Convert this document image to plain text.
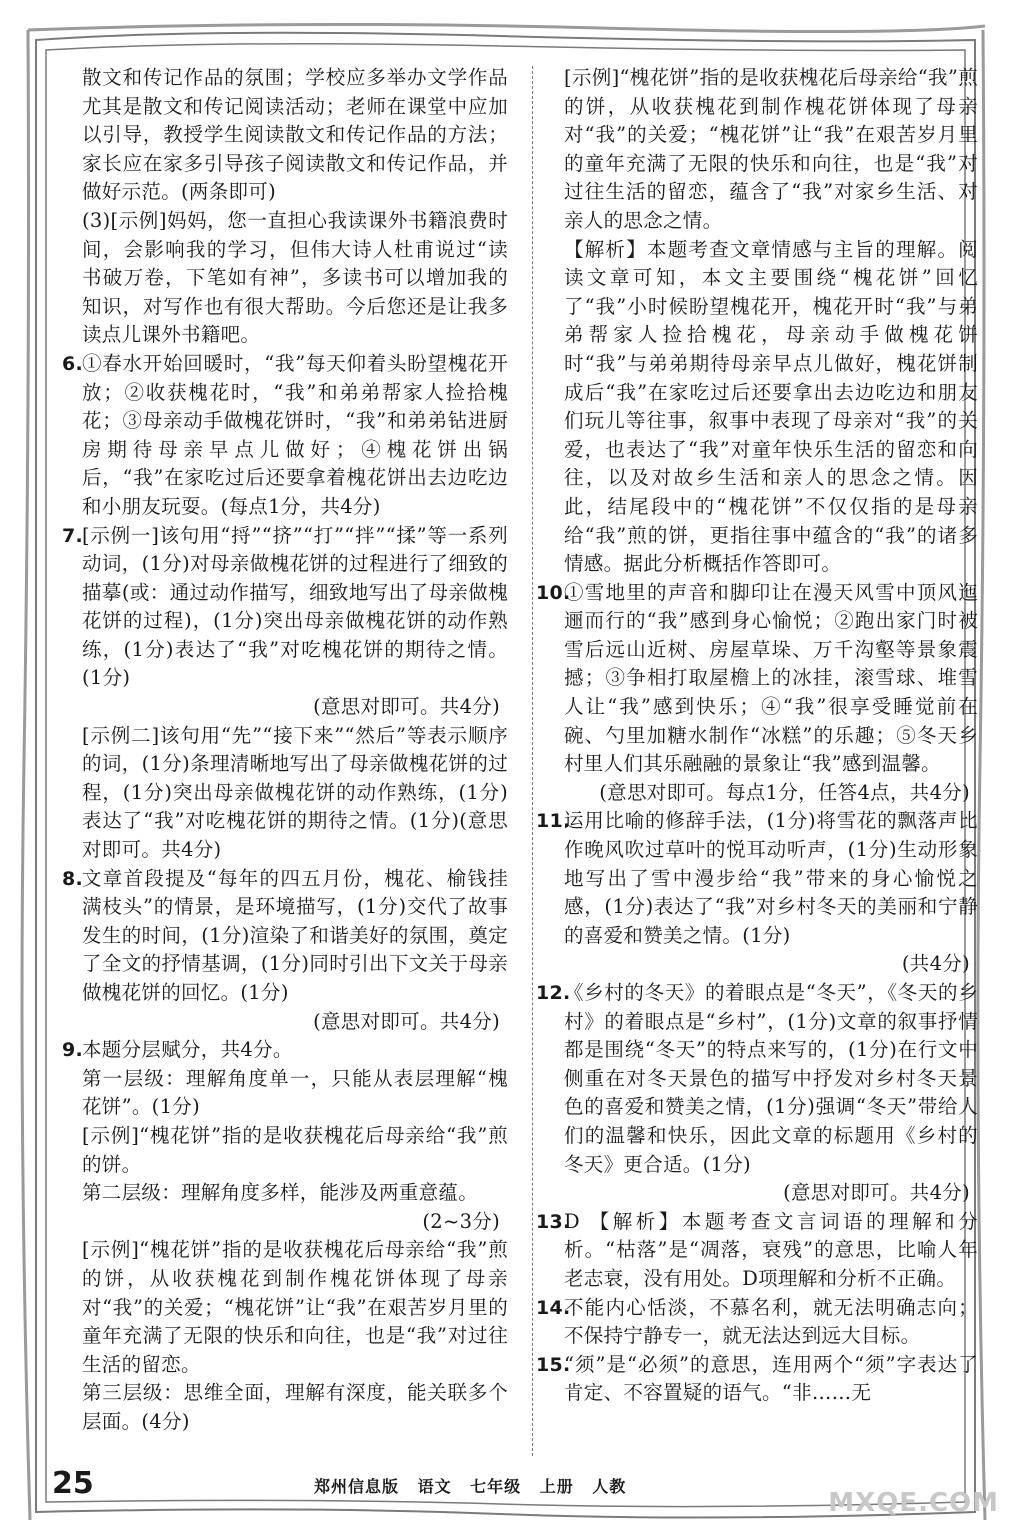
散文和传记作品的氛围；学校应多举办文学作品尤其是散文和传记阅读活动；老师在课堂中应加以引导，教授学生阅读散文和传记作品的方法；家长应在家多引导孩子阅读散文和传记作品，并做好示范。(两条即可)

(3)[示例]妈妈，您一直担心我读课外书籍浪费时间，会影响我的学习，但伟大诗人杜甫说过“读书破万卷，下笔如有神”，多读书可以增加我的知识，对写作也有很大帮助。今后您还是让我多读点儿课外书籍吧。

6.

①春水开始回暖时，“我”每天仰着头盼望槐花开放；②收获槐花时，“我”和弟弟帮家人捡拾槐花；③母亲动手做槐花饼时，“我”和弟弟钻进厨房期待母亲早点儿做好；④槐花饼出锅后，“我”在家吃过后还要拿着槐花饼出去边吃边和小朋友玩耍。(每点1分，共4分)

7.

[示例一]该句用“捋”“挤”“打”“拌”“揉”等一系列动词，(1分)对母亲做槐花饼的过程进行了细致的描摹(或：通过动作描写，细致地写出了母亲做槐花饼的过程)，(1分)突出母亲做槐花饼的动作熟练，(1分)表达了“我”对吃槐花饼的期待之情。(1分)

(意思对即可。共4分)

[示例二]该句用“先”“接下来”“然后”等表示顺序的词，(1分)条理清晰地写出了母亲做槐花饼的过程，(1分)突出母亲做槐花饼的动作熟练，(1分)表达了“我”对吃槐花饼的期待之情。(1分)(意思对即可。共4分)

8.

文章首段提及“每年的四五月份，槐花、榆钱挂满枝头”的情景，是环境描写，(1分)交代了故事发生的时间，(1分)渲染了和谐美好的氛围，奠定了全文的抒情基调，(1分)同时引出下文关于母亲做槐花饼的回忆。(1分)

(意思对即可。共4分)

9.

本题分层赋分，共4分。

第一层级：理解角度单一，只能从表层理解“槐花饼”。(1分)

[示例]“槐花饼”指的是收获槐花后母亲给“我”煎的饼。

第二层级：理解角度多样，能涉及两重意蕴。

(2~3分)

[示例]“槐花饼”指的是收获槐花后母亲给“我”煎的饼，从收获槐花到制作槐花饼体现了母亲对“我”的关爱；“槐花饼”让“我”在艰苦岁月里的童年充满了无限的快乐和向往，也是“我”对过往生活的留恋。

第三层级：思维全面，理解有深度，能关联多个层面。(4分)

[示例]“槐花饼”指的是收获槐花后母亲给“我”煎的饼，从收获槐花到制作槐花饼体现了母亲对“我”的关爱；“槐花饼”让“我”在艰苦岁月里的童年充满了无限的快乐和向往，也是“我”对过往生活的留恋，蕴含了“我”对家乡生活、对亲人的思念之情。

【解析】本题考查文章情感与主旨的理解。阅读文章可知，本文主要围绕“槐花饼”回忆了“我”小时候盼望槐花开，槐花开时“我”与弟弟帮家人捡拾槐花，母亲动手做槐花饼时“我”与弟弟期待母亲早点儿做好，槐花饼制成后“我”在家吃过后还要拿出去边吃边和朋友们玩儿等往事，叙事中表现了母亲对“我”的关爱，也表达了“我”对童年快乐生活的留恋和向往，以及对故乡生活和亲人的思念之情。因此，结尾段中的“槐花饼”不仅仅指的是母亲给“我”煎的饼，更指往事中蕴含的“我”的诸多情感。据此分析概括作答即可。

10.

①雪地里的声音和脚印让在漫天风雪中顶风迤逦而行的“我”感到身心愉悦；②跑出家门时被雪后远山近树、房屋草垛、万千沟壑等景象震撼；③争相打取屋檐上的冰挂，滚雪球、堆雪人让“我”感到快乐；④“我”很享受睡觉前在碗、勺里加糖水制作“冰糕”的乐趣；⑤冬天乡村里人们其乐融融的景象让“我”感到温馨。

(意思对即可。每点1分，任答4点，共4分)

11.

运用比喻的修辞手法，(1分)将雪花的飘落声比作晚风吹过草叶的悦耳动听声，(1分)生动形象地写出了雪中漫步给“我”带来的身心愉悦之感，(1分)表达了“我”对乡村冬天的美丽和宁静的喜爱和赞美之情。(1分)

(共4分)

12.

《乡村的冬天》的着眼点是“冬天”，《冬天的乡村》的着眼点是“乡村”，(1分)文章的叙事抒情都是围绕“冬天”的特点来写的，(1分)在行文中侧重在对冬天景色的描写中抒发对乡村冬天景色的喜爱和赞美之情，(1分)强调“冬天”带给人们的温馨和快乐，因此文章的标题用《乡村的冬天》更合适。(1分)

(意思对即可。共4分)

13.

D 【解析】本题考查文言词语的理解和分析。“枯落”是“凋落，衰残”的意思，比喻人年老志衰，没有用处。D项理解和分析不正确。

14.

不能内心恬淡，不慕名利，就无法明确志向；不保持宁静专一，就无法达到远大目标。

15.

“须”是“必须”的意思，连用两个“须”字表达了肯定、不容置疑的语气。“非……无

25	郑州信息版 语文 七年级 上册 人教
MXQE.COM
